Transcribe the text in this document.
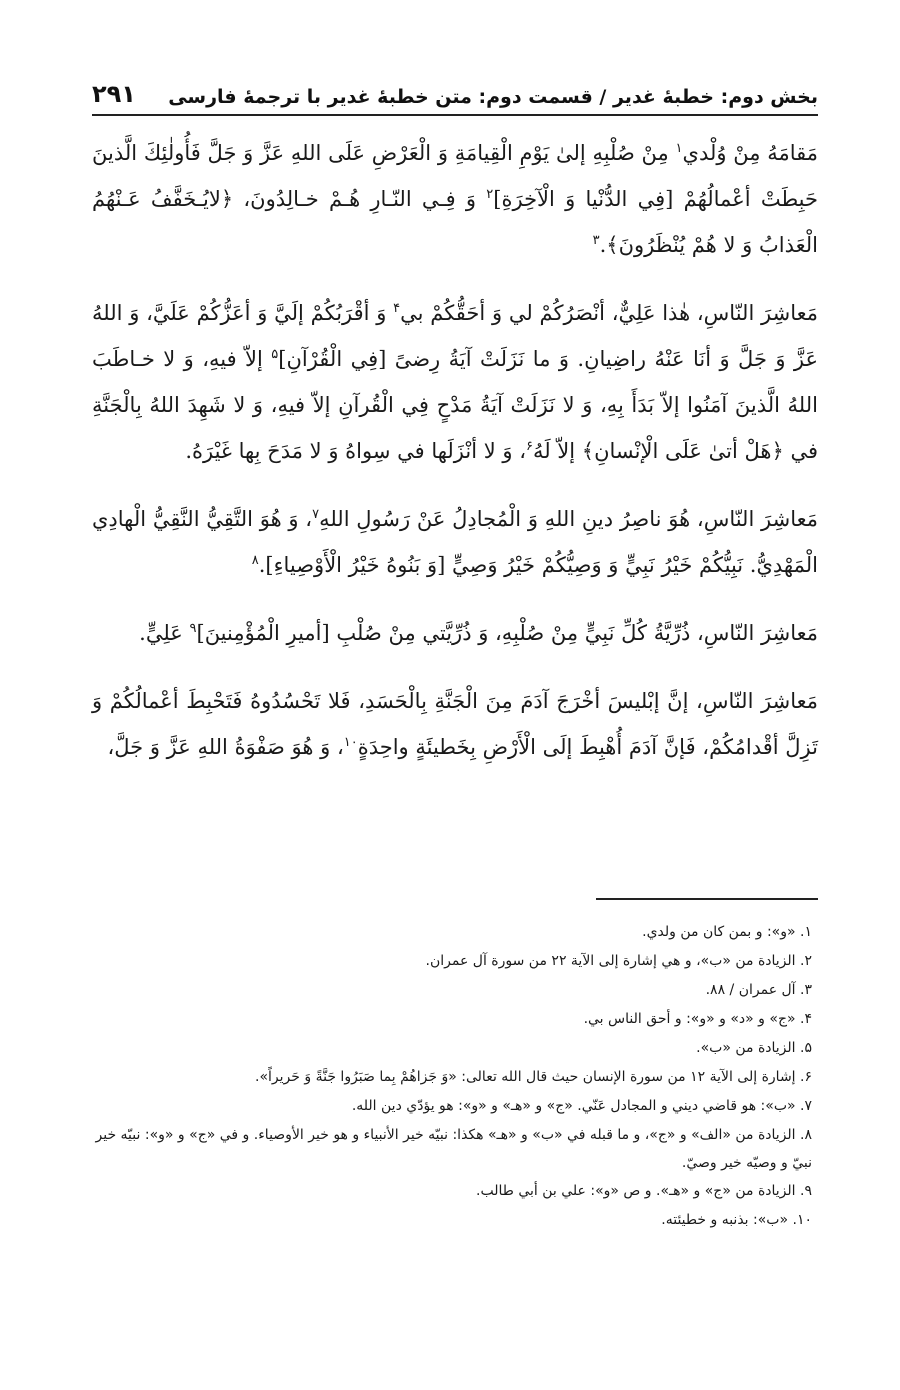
بخش دوم: خطبهٔ غدیر / قسمت دوم: متن خطبهٔ غدیر با ترجمهٔ فارسی
۲۹۱

مَقامَهُ مِنْ وُلْدي$^۱$ مِنْ صُلْبِهِ إلىٰ يَوْمِ الْقِيامَةِ وَ الْعَرْضِ عَلَى اللهِ عَزَّ وَ جَلَّ فَأُولٰئِكَ الَّذينَ حَبِطَتْ أعْمالُهُمْ [فِي الدُّنْيا وَ الْآخِرَةِ]$^۲$ وَ فِـي النّـارِ هُـمْ خـالِدُونَ، ﴿لايُـخَفَّفُ عَـنْهُمُ الْعَذابُ وَ لا هُمْ يُنْظَرُونَ﴾.$^۳$

مَعاشِرَ النّاسِ، هٰذا عَلِيٌّ، أنْصَرُكُمْ لي وَ أحَقُّكُمْ بي$^۴$ وَ أقْرَبُكُمْ إلَيَّ وَ أعَزُّكُمْ عَلَيَّ، وَ اللهُ عَزَّ وَ جَلَّ وَ أنَا عَنْهُ راضِيانِ. وَ ما نَزَلَتْ آيَةُ رِضىً [فِي الْقُرْآنِ]$^۵$ إلاّ فيهِ، وَ لا خـاطَبَ اللهُ الَّذينَ آمَنُوا إلاّ بَدَأَ بِهِ، وَ لا نَزَلَتْ آيَةُ مَدْحٍ فِي الْقُرآنِ إلاّ فيهِ، وَ لا شَهِدَ اللهُ بِالْجَنَّةِ في ﴿هَلْ أتىٰ عَلَى الْإنْسانِ﴾ إلاّ لَهُ$^۶$، وَ لا أنْزَلَها في سِواهُ وَ لا مَدَحَ بِها غَيْرَهُ.

مَعاشِرَ النّاسِ، هُوَ ناصِرُ دينِ اللهِ وَ الْمُجادِلُ عَنْ رَسُولِ اللهِ$^۷$، وَ هُوَ التَّقِيُّ النَّقِيُّ الْهادِي الْمَهْدِيُّ. نَبِيُّكُمْ خَيْرُ نَبِيٍّ وَ وَصِيُّكُمْ خَيْرُ وَصِيٍّ [وَ بَنُوهُ خَيْرُ الْأَوْصِياءِ].$^۸$

مَعاشِرَ النّاسِ، ذُرِّيَّةُ كُلِّ نَبِيٍّ مِنْ صُلْبِهِ، وَ ذُرِّيَّتي مِنْ صُلْبِ [أميرِ الْمُؤْمِنينَ]$^۹$ عَلِيٍّ.

مَعاشِرَ النّاسِ، إنَّ إبْليسَ أخْرَجَ آدَمَ مِنَ الْجَنَّةِ بِالْحَسَدِ، فَلا تَحْسُدُوهُ فَتَحْبِطَ أعْمالُكُمْ وَ تَزِلَّ أقْدامُكُمْ، فَإنَّ آدَمَ أُهْبِطَ إلَى الْأَرْضِ بِخَطيئَةٍ واحِدَةٍ$^{۱۰}$، وَ هُوَ صَفْوَةُ اللهِ عَزَّ وَ جَلَّ،

۱. «و»: و بمن كان من ولدي.
۲. الزيادة من «ب»، و هي إشارة إلى الآية ۲۲ من سورة آل عمران.
۳. آل عمران / ۸۸.
۴. «ج» و «د» و «و»: و أحق الناس بي.
۵. الزيادة من «ب».
۶. إشارة إلى الآية ۱۲ من سورة الإنسان حيث قال الله تعالى: «وَ جَزاهُمْ بِما صَبَرُوا جَنَّةً وَ حَريراً».
۷. «ب»: هو قاضي ديني و المجادل عَنّي. «ج» و «هـ» و «و»: هو يؤدّي دين الله.
۸. الزيادة من «الف» و «ج»، و ما قبله في «ب» و «هـ» هكذا: نبيّه خير الأنبياء و هو خير الأوصياء. و في «ج» و «و»: نبيّه خير نبيّ و وصيّه خير وصيّ.
۹. الزيادة من «ج» و «هـ». و ص «و»: علي بن أبي طالب.
۱۰. «ب»: بذنبه و خطيئته.
